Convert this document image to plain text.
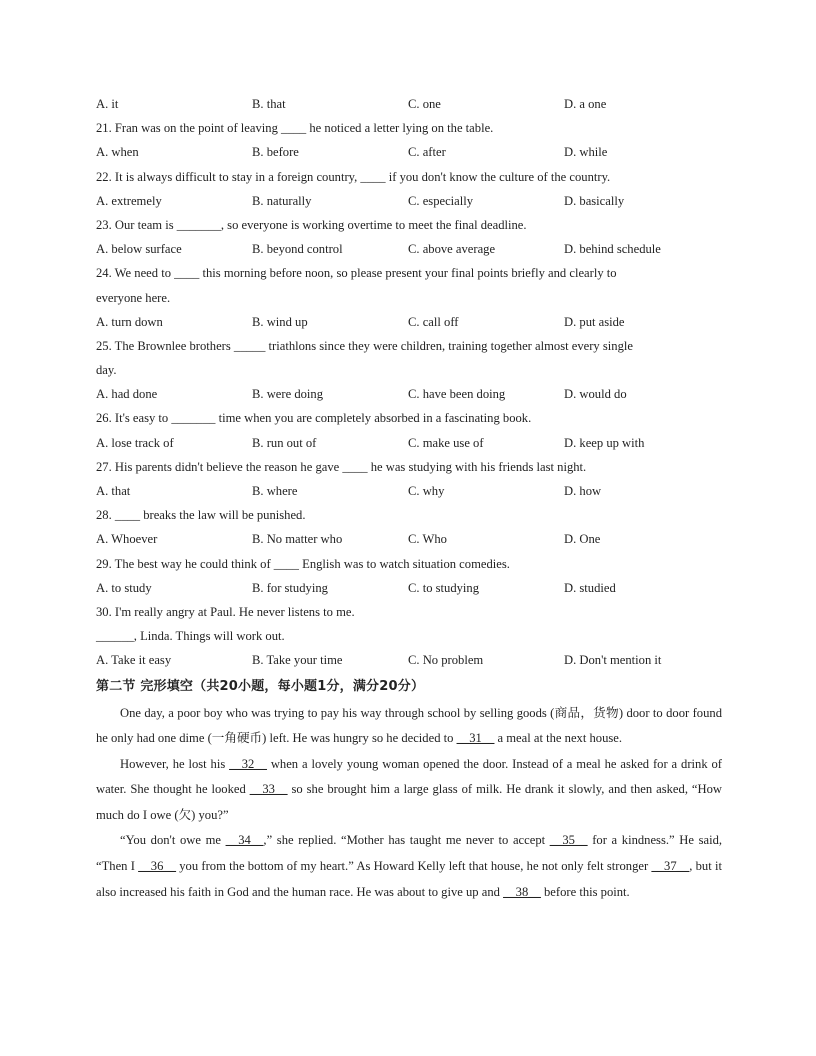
A. it	B. that	C. one	D. a one
21. Fran was on the point of leaving ____ he noticed a letter lying on the table.
A. when	B. before	C. after	D. while
22. It is always difficult to stay in a foreign country, ____ if you don't know the culture of the country.
A. extremely	B. naturally	C. especially	D. basically
23. Our team is _______, so everyone is working overtime to meet the final deadline.
A. below surface	B. beyond control	C. above average	D. behind schedule
24. We need to ____ this morning before noon, so please present your final points briefly and clearly to
everyone here.
A. turn down	B. wind up	C. call off	D. put aside
25. The Brownlee brothers _____ triathlons since they were children, training together almost every single
day.
A. had done	B. were doing	C. have been doing	D. would do
26. It's easy to _______ time when you are completely absorbed in a fascinating book.
A. lose track of	B. run out of	C. make use of	D. keep up with
27. His parents didn't believe the reason he gave ____ he was studying with his friends last night.
A. that	B. where	C. why	D. how
28. ____ breaks the law will be punished.
A. Whoever	B. No matter who	C. Who	D. One
29. The best way he could think of ____ English was to watch situation comedies.
A. to study	B. for studying	C. to studying	D. studied
30. I'm really angry at Paul. He never listens to me.
______, Linda. Things will work out.
A. Take it easy	B. Take your time	C. No problem	D. Don't mention it
第二节 完形填空（共20小题，每小题1分，满分20分）

One day, a poor boy who was trying to pay his way through school by selling goods (商品，货物) door to door found he only had one dime (一角硬币) left. He was hungry so he decided to __31__ a meal at the next house.

However, he lost his __32__ when a lovely young woman opened the door. Instead of a meal he asked for a drink of water. She thought he looked __33__ so she brought him a large glass of milk. He drank it slowly, and then asked, “How much do I owe (欠) you?”

“You don't owe me __34__,” she replied. “Mother has taught me never to accept __35__ for a kindness.” He said, “Then I __36__ you from the bottom of my heart.” As Howard Kelly left that house, he not only felt stronger __37__, but it also increased his faith in God and the human race. He was about to give up and __38__ before this point.
